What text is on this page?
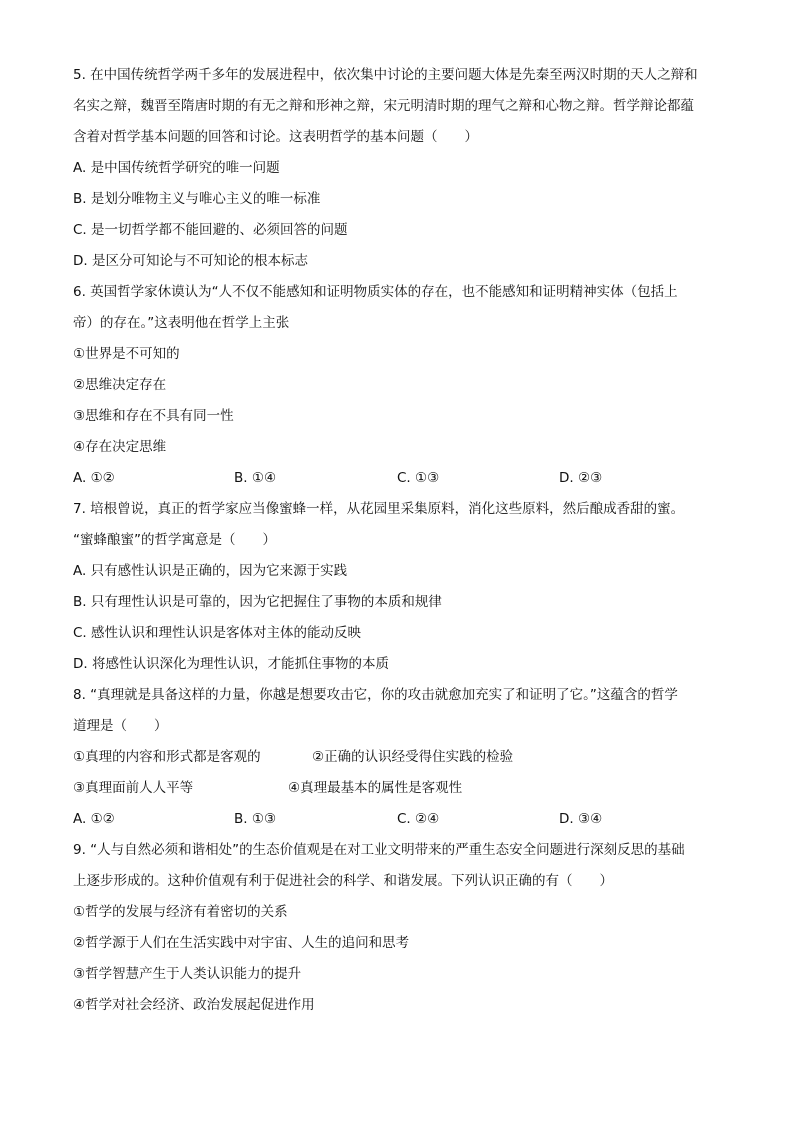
5. 在中国传统哲学两千多年的发展进程中，依次集中讨论的主要问题大体是先秦至两汉时期的天人之辩和
名实之辩，魏晋至隋唐时期的有无之辩和形神之辩，宋元明清时期的理气之辩和心物之辩。哲学辩论都蕴
含着对哲学基本问题的回答和讨论。这表明哲学的基本问题（　　）
A. 是中国传统哲学研究的唯一问题
B. 是划分唯物主义与唯心主义的唯一标准
C. 是一切哲学都不能回避的、必须回答的问题
D. 是区分可知论与不可知论的根本标志
6. 英国哲学家休谟认为“人不仅不能感知和证明物质实体的存在，也不能感知和证明精神实体（包括上
帝）的存在。”这表明他在哲学上主张
①世界是不可知的
②思维决定存在
③思维和存在不具有同一性
④存在决定思维
A. ①②	B. ①④	C. ①③	D. ②③
7. 培根曾说，真正的哲学家应当像蜜蜂一样，从花园里采集原料，消化这些原料，然后酿成香甜的蜜。
“蜜蜂酿蜜”的哲学寓意是（　　）
A. 只有感性认识是正确的，因为它来源于实践
B. 只有理性认识是可靠的，因为它把握住了事物的本质和规律
C. 感性认识和理性认识是客体对主体的能动反映
D. 将感性认识深化为理性认识，才能抓住事物的本质
8. “真理就是具备这样的力量，你越是想要攻击它，你的攻击就愈加充实了和证明了它。”这蕴含的哲学
道理是（　　）
①真理的内容和形式都是客观的	②正确的认识经受得住实践的检验
③真理面前人人平等	④真理最基本的属性是客观性
A. ①②	B. ①③	C. ②④	D. ③④
9. “人与自然必须和谐相处”的生态价值观是在对工业文明带来的严重生态安全问题进行深刻反思的基础
上逐步形成的。这种价值观有利于促进社会的科学、和谐发展。下列认识正确的有（　　）
①哲学的发展与经济有着密切的关系
②哲学源于人们在生活实践中对宇宙、人生的追问和思考
③哲学智慧产生于人类认识能力的提升
④哲学对社会经济、政治发展起促进作用
